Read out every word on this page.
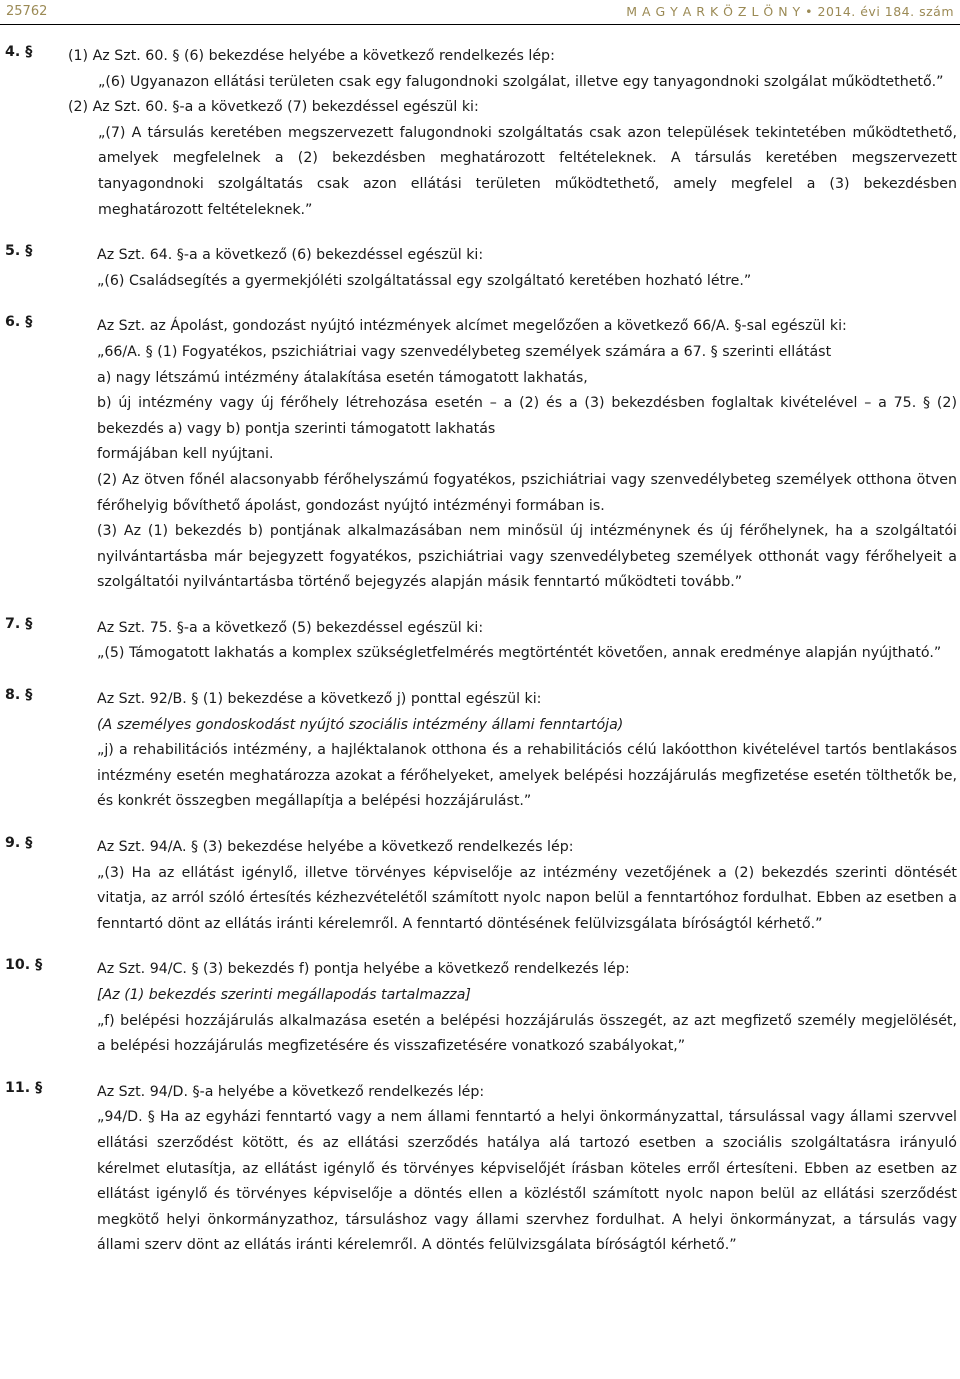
25762	M A G Y A R K Ö Z L Ö N Y • 2014. évi 184. szám
4. §	(1) Az Szt. 60. § (6) bekezdése helyébe a következő rendelkezés lép:

„(6) Ugyanazon ellátási területen csak egy falugondnoki szolgálat, illetve egy tanyagondnoki szolgálat működtethető.”

(2) Az Szt. 60. §-a a következő (7) bekezdéssel egészül ki:

„(7) A társulás keretében megszervezett falugondnoki szolgáltatás csak azon települések tekintetében működtethető, amelyek megfelelnek a (2) bekezdésben meghatározott feltételeknek. A társulás keretében megszervezett tanyagondnoki szolgáltatás csak azon ellátási területen működtethető, amely megfelel a (3) bekezdésben meghatározott feltételeknek.”

5. §	Az Szt. 64. §-a a következő (6) bekezdéssel egészül ki:

„(6) Családsegítés a gyermekjóléti szolgáltatással egy szolgáltató keretében hozható létre.”

6. §	Az Szt. az Ápolást, gondozást nyújtó intézmények alcímet megelőzően a következő 66/A. §-sal egészül ki:

„66/A. § (1) Fogyatékos, pszichiátriai vagy szenvedélybeteg személyek számára a 67. § szerinti ellátást

a) nagy létszámú intézmény átalakítása esetén támogatott lakhatás,

b) új intézmény vagy új férőhely létrehozása esetén – a (2) és a (3) bekezdésben foglaltak kivételével – a 75. § (2) bekezdés a) vagy b) pontja szerinti támogatott lakhatás

formájában kell nyújtani.

(2) Az ötven főnél alacsonyabb férőhelyszámú fogyatékos, pszichiátriai vagy szenvedélybeteg személyek otthona ötven férőhelyig bővíthető ápolást, gondozást nyújtó intézményi formában is.

(3) Az (1) bekezdés b) pontjának alkalmazásában nem minősül új intézménynek és új férőhelynek, ha a szolgáltatói nyilvántartásba már bejegyzett fogyatékos, pszichiátriai vagy szenvedélybeteg személyek otthonát vagy férőhelyeit a szolgáltatói nyilvántartásba történő bejegyzés alapján másik fenntartó működteti tovább.”

7. §	Az Szt. 75. §-a a következő (5) bekezdéssel egészül ki:

„(5) Támogatott lakhatás a komplex szükségletfelmérés megtörténtét követően, annak eredménye alapján nyújtható.”

8. §	Az Szt. 92/B. § (1) bekezdése a következő j) ponttal egészül ki:

(A személyes gondoskodást nyújtó szociális intézmény állami fenntartója)

„j) a rehabilitációs intézmény, a hajléktalanok otthona és a rehabilitációs célú lakóotthon kivételével tartós bentlakásos intézmény esetén meghatározza azokat a férőhelyeket, amelyek belépési hozzájárulás megfizetése esetén tölthetők be, és konkrét összegben megállapítja a belépési hozzájárulást.”

9. §	Az Szt. 94/A. § (3) bekezdése helyébe a következő rendelkezés lép:

„(3) Ha az ellátást igénylő, illetve törvényes képviselője az intézmény vezetőjének a (2) bekezdés szerinti döntését vitatja, az arról szóló értesítés kézhezvételétől számított nyolc napon belül a fenntartóhoz fordulhat. Ebben az esetben a fenntartó dönt az ellátás iránti kérelemről. A fenntartó döntésének felülvizsgálata bíróságtól kérhető.”

10. §	Az Szt. 94/C. § (3) bekezdés f) pontja helyébe a következő rendelkezés lép:

[Az (1) bekezdés szerinti megállapodás tartalmazza]

„f) belépési hozzájárulás alkalmazása esetén a belépési hozzájárulás összegét, az azt megfizető személy megjelölését, a belépési hozzájárulás megfizetésére és visszafizetésére vonatkozó szabályokat,”

11. §	Az Szt. 94/D. §-a helyébe a következő rendelkezés lép:

„94/D. § Ha az egyházi fenntartó vagy a nem állami fenntartó a helyi önkormányzattal, társulással vagy állami szervvel ellátási szerződést kötött, és az ellátási szerződés hatálya alá tartozó esetben a szociális szolgáltatásra irányuló kérelmet elutasítja, az ellátást igénylő és törvényes képviselőjét írásban köteles erről értesíteni. Ebben az esetben az ellátást igénylő és törvényes képviselője a döntés ellen a közléstől számított nyolc napon belül az ellátási szerződést megkötő helyi önkormányzathoz, társuláshoz vagy állami szervhez fordulhat. A helyi önkormányzat, a társulás vagy állami szerv dönt az ellátás iránti kérelemről. A döntés felülvizsgálata bíróságtól kérhető.”
